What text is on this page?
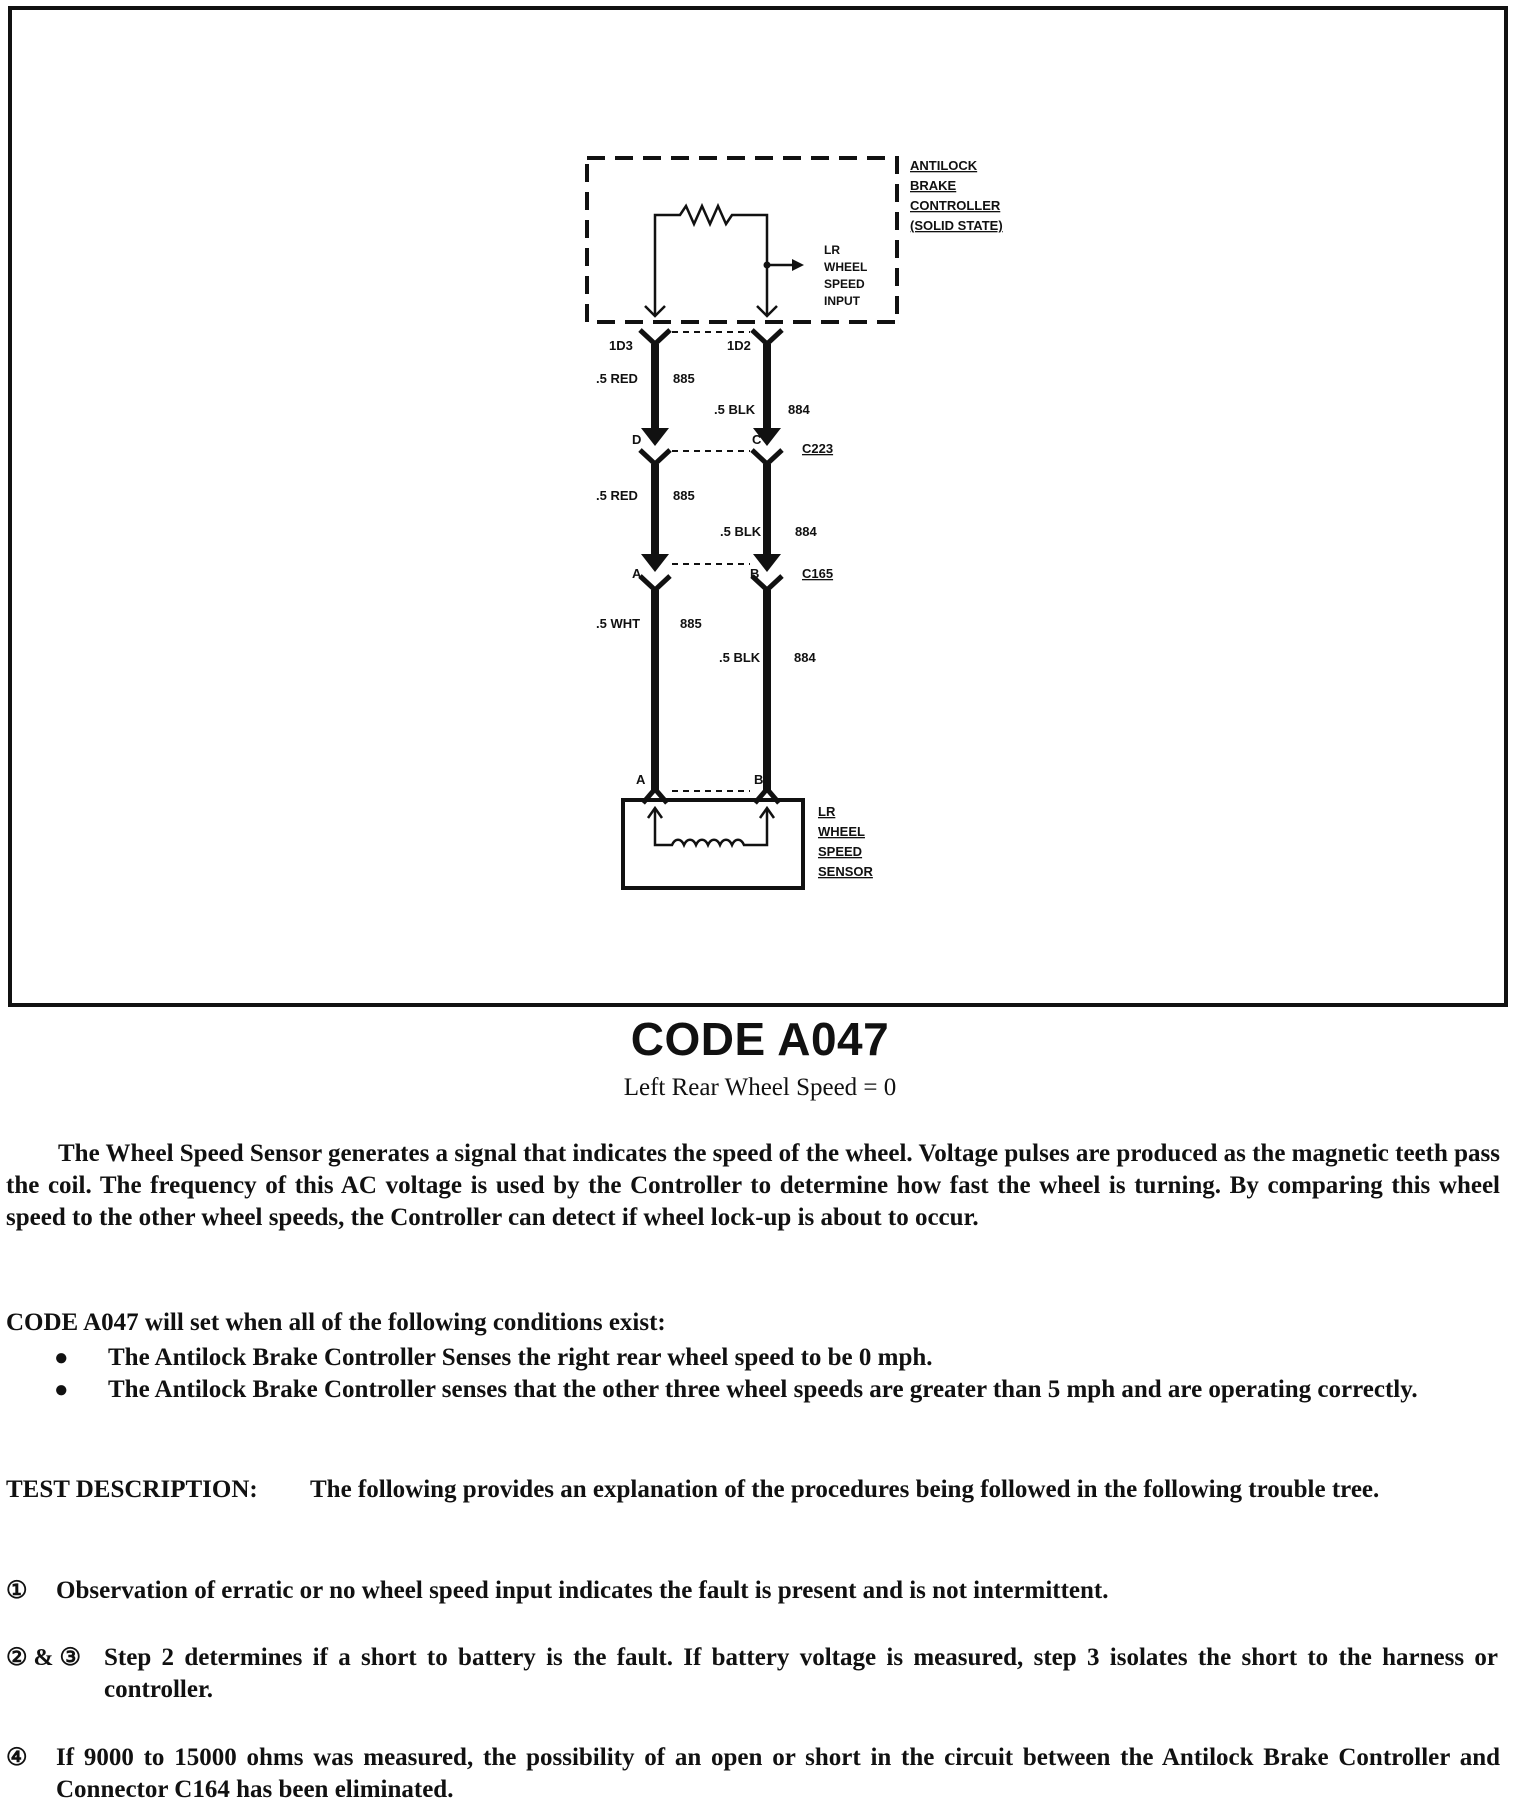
ANTILOCK
BRAKE
CONTROLLER
(SOLID STATE)
LR
WHEEL
SPEED
INPUT
LR
WHEEL
SPEED
SENSOR
1D3	1D2
.5 RED	885
.5 BLK	884
D	C
C223
.5 RED	885
.5 BLK	884
A	B	C165
.5 WHT	885
.5 BLK	884
A	B
CODE A047
Left Rear Wheel Speed = 0
The Wheel Speed Sensor generates a signal that indicates the speed of the wheel. Voltage pulses are produced as the magnetic teeth pass the coil. The frequency of this AC voltage is used by the Controller to determine how fast the wheel is turning. By comparing this wheel speed to the other wheel speeds, the Controller can detect if wheel lock-up is about to occur.
CODE A047 will set when all of the following conditions exist:
● The Antilock Brake Controller Senses the right rear wheel speed to be 0 mph.
● The Antilock Brake Controller senses that the other three wheel speeds are greater than 5 mph and are operating correctly.
TEST DESCRIPTION: The following provides an explanation of the procedures being followed in the following trouble tree.
① Observation of erratic or no wheel speed input indicates the fault is present and is not intermittent.
② & ③ Step 2 determines if a short to battery is the fault. If battery voltage is measured, step 3 isolates the short to the harness or controller.
④ If 9000 to 15000 ohms was measured, the possibility of an open or short in the circuit between the Antilock Brake Controller and Connector C164 has been eliminated.
